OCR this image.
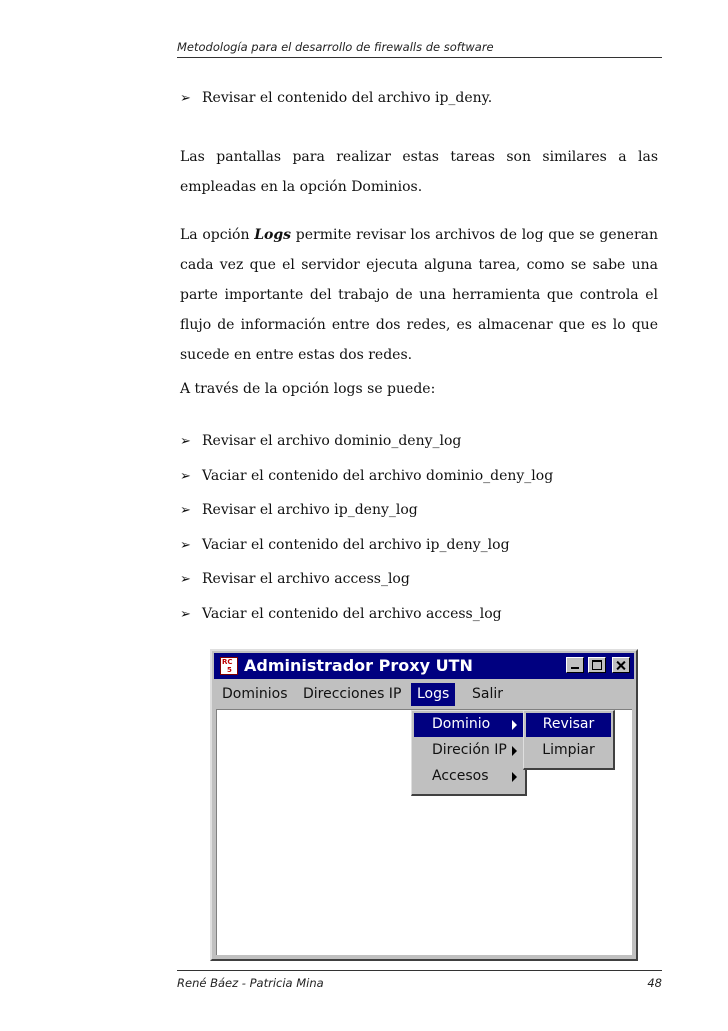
Metodología para el desarrollo de firewalls de software
➢ Revisar el contenido del archivo ip_deny.

Las pantallas para realizar estas tareas son similares a las empleadas en la opción Dominios.

La opción Logs permite revisar los archivos de log que se generan cada vez que el servidor ejecuta alguna tarea, como se sabe una parte importante del trabajo de una herramienta que controla el flujo de información entre dos redes, es almacenar que es lo que sucede en entre estas dos redes.

A través de la opción logs se puede:

➢ Revisar el archivo dominio_deny_log
➢ Vaciar el contenido del archivo dominio_deny_log
➢ Revisar el archivo ip_deny_log
➢ Vaciar el contenido del archivo ip_deny_log
➢ Revisar el archivo access_log
➢ Vaciar el contenido del archivo access_log
RC
5 Administrador Proxy UTN
Dominios Direcciones IP	Logs	Salir
Dominio
Direción IP
Accesos
Revisar
Limpiar
René Báez - Patricia Mina	48
